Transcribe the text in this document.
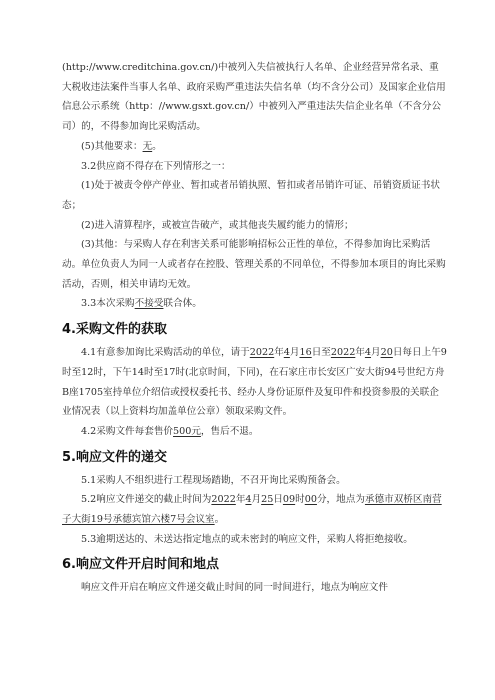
(http://www.creditchina.gov.cn/)中被列入失信被执行人名单、企业经营异常名录、重大税收违法案件当事人名单、政府采购严重违法失信名单（均不含分公司）及国家企业信用信息公示系统（http：//www.gsxt.gov.cn/）中被列入严重违法失信企业名单（不含分公司）的，不得参加询比采购活动。

(5)其他要求：无。

3.2供应商不得存在下列情形之一：

(1)处于被责令停产停业、暂扣或者吊销执照、暂扣或者吊销许可证、吊销资质证书状态；

(2)进入清算程序，或被宣告破产，或其他丧失履约能力的情形；

(3)其他：与采购人存在利害关系可能影响招标公正性的单位，不得参加询比采购活动。单位负责人为同一人或者存在控股、管理关系的不同单位，不得参加本项目的询比采购活动，否则，相关申请均无效。

3.3本次采购不接受联合体。

4.采购文件的获取

4.1有意参加询比采购活动的单位，请于2022年4月16日至2022年4月20日每日上午9时至12时，下午14时至17时(北京时间，下同)，在石家庄市长安区广安大街94号世纪方舟B座1705室持单位介绍信或授权委托书、经办人身份证原件及复印件和投资参股的关联企业情况表（以上资料均加盖单位公章）领取采购文件。

4.2采购文件每套售价500元，售后不退。

5.响应文件的递交

5.1采购人不组织进行工程现场踏勘，不召开询比采购预备会。

5.2响应文件递交的截止时间为2022年4月25日09时00分，地点为承德市双桥区南营子大街19号承德宾馆六楼7号会议室。

5.3逾期送达的、未送达指定地点的或未密封的响应文件，采购人将拒绝接收。

6.响应文件开启时间和地点

响应文件开启在响应文件递交截止时间的同一时间进行，地点为响应文件
